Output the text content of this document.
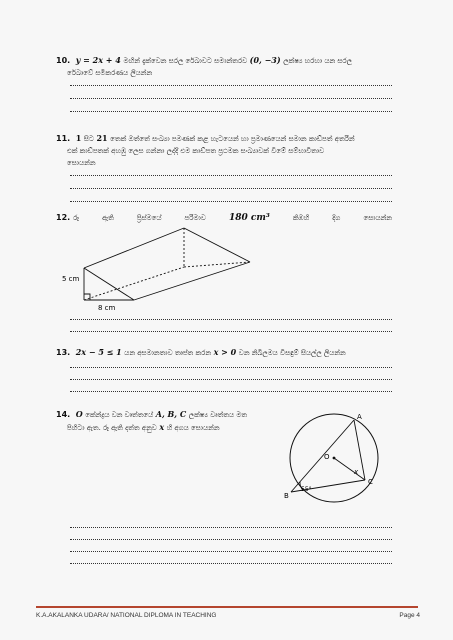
10. y = 2x + 4 මඟින් දැක්වෙන සරල රේඛාවට සමාන්තරව (0, −3) ලක්ෂ්‍ය හරහා යන සරල
රේඛාවේ සමීකරණය ලියන්න
11. 1 සිට 21 තෙක් ඔත්තේ සංඛ්‍යා පමණක් කළ හැටයෙන් හා ප්‍රමාණයෙන් සමාන කාඩ්පත් අතරින්
එක් කාඩ්පතක් අහඹු ලෙස ගන්නා ලද්දී එම කාඩ්පත ප්‍රථමක සංඛ්‍යාවක් වීමේ සම්භාවිතාව
සොයන්න
12. රූ	ඇති	ප්‍රිස්මයේ	පරිමාව	180 cm³	කිඹහි	දිග	සොයන්න
5 cm
8 cm
13. 2x − 5 ≤ 1 යන අසමානතාව තෘප්ත කරන x > 0 වන නිඛිලමය විසඳුම් සියල්ල ලියන්න
14. O කේන්ද්‍රය වන වෘත්තයේ A, B, C ලක්ෂ්‍ය වෘත්තය මත
පිහිටා ඇත. රූ ඇති දත්ත අනුව x හි අගය සොයන්න
A
B
C
O
x
55°
K.A.AKALANKA UDARA/ NATIONAL DIPLOMA IN TEACHING	Page 4
